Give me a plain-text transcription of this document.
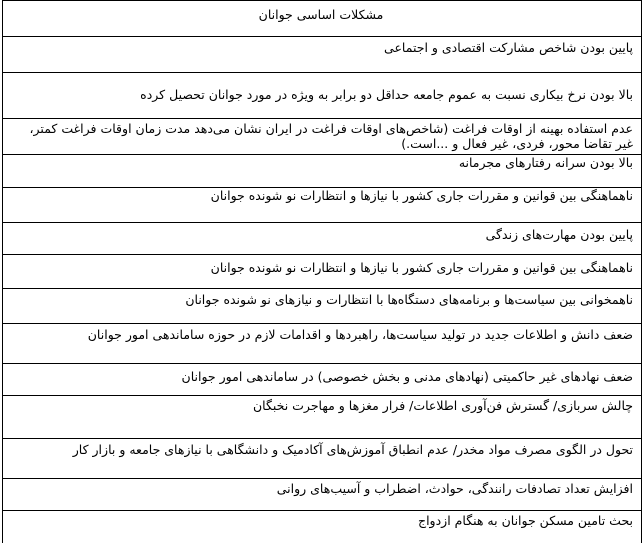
مشکلات اساسی جوانان
پایین بودن شاخص مشارکت اقتصادی و اجتماعی
بالا بودن نرخ بیکاری نسبت به عموم جامعه حداقل دو برابر به ویژه در مورد جوانان تحصیل کرده
عدم استفاده بهینه از اوقات فراغت (شاخص‌های اوقات فراغت در ایران نشان می‌دهد مدت زمان اوقات فراغت کمتر، غیر تقاضا محور، فردی، غیر فعال و ...است.)
بالا بودن سرانه رفتارهای مجرمانه
ناهماهنگی بین قوانین و مقررات جاری کشور با نیازها و انتظارات نو شونده جوانان
پایین بودن مهارت‌های زندگی
ناهماهنگی بین قوانین و مقررات جاری کشور با نیازها و انتظارات نو شونده جوانان
ناهمخوانی بین سیاست‌ها و برنامه‌های دستگاه‌ها با انتظارات و نیازهای نو شونده جوانان
ضعف دانش و اطلاعات جدید در تولید سیاست‌ها، راهبردها و اقدامات لازم در حوزه ساماندهی امور جوانان
ضعف نهادهای غیر حاکمیتی (نهادهای مدنی و بخش خصوصی) در ساماندهی امور جوانان
چالش سربازی/ گسترش فن‌آوری اطلاعات/ فرار مغزها و مهاجرت نخبگان
تحول در الگوی مصرف مواد مخدر/ عدم انطباق آموزش‌های آکادمیک و دانشگاهی با نیازهای جامعه و بازار کار
افزایش تعداد تصادفات رانندگی، حوادث، اضطراب و آسیب‌های روانی
بحث تامین مسکن جوانان به هنگام ازدواج
